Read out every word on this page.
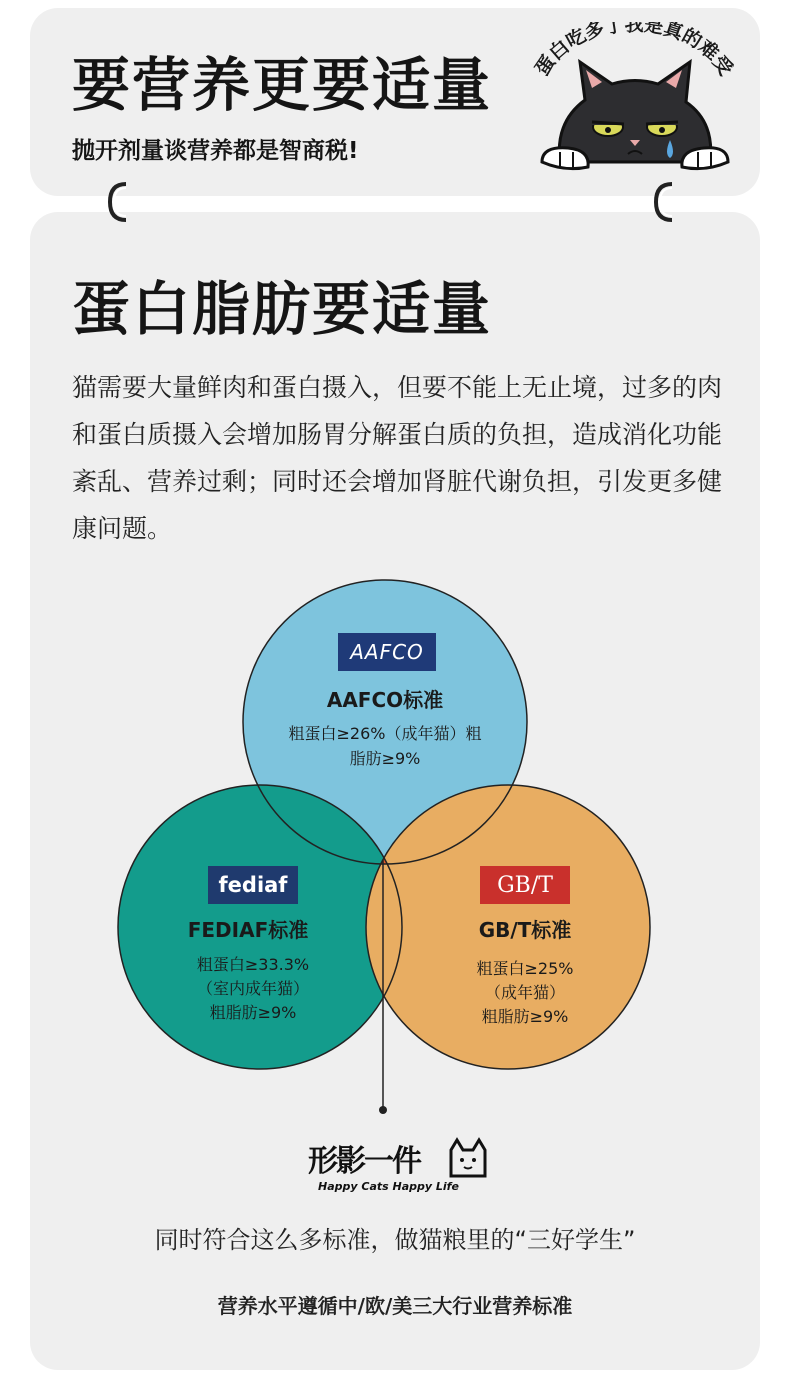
要营养更要适量
抛开剂量谈营养都是智商税!
蛋白吃多了我是真的难受
蛋白脂肪要适量
猫需要大量鲜肉和蛋白摄入，但要不能上无止境，过多的肉和蛋白质摄入会增加肠胃分解蛋白质的负担，造成消化功能紊乱、营养过剩；同时还会增加肾脏代谢负担，引发更多健康问题。
AAFCO
AAFCO标准
粗蛋白≥26%（成年猫）粗
脂肪≥9%
fediaf
FEDIAF标准
粗蛋白≥33.3%
（室内成年猫）
粗脂肪≥9%
GB/T
GB/T标准
粗蛋白≥25%
（成年猫）
粗脂肪≥9%
形影一件
Happy Cats Happy Life
同时符合这么多标准，做猫粮里的“三好学生”
营养水平遵循中/欧/美三大行业营养标准
